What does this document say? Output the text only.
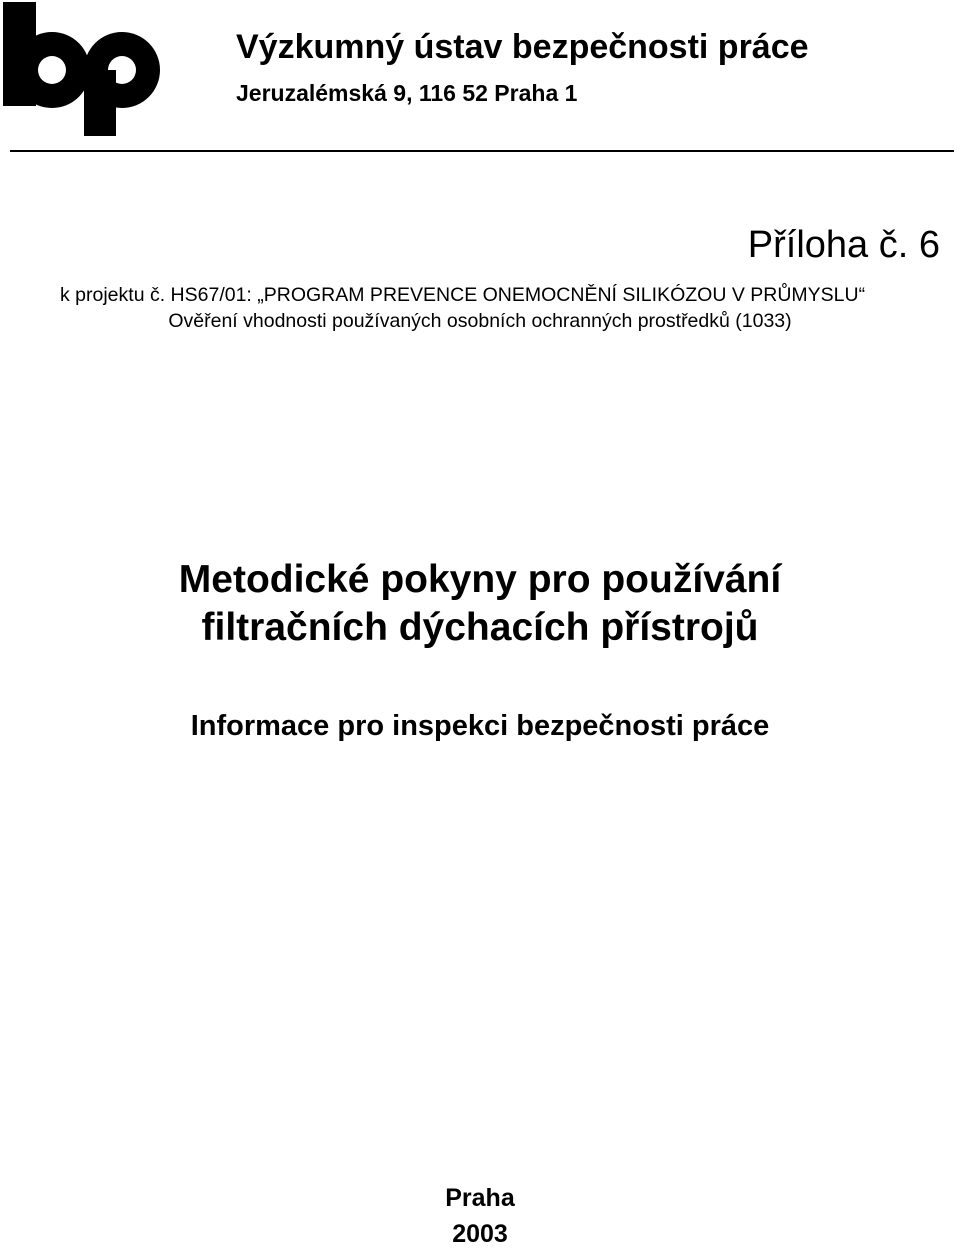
Výzkumný ústav bezpečnosti práce
Jeruzalémská 9, 116 52 Praha 1
Příloha č. 6
k projektu č. HS67/01: „PROGRAM PREVENCE ONEMOCNĚNÍ SILIKÓZOU V PRŮMYSLU“
Ověření vhodnosti používaných osobních ochranných prostředků (1033)
Metodické pokyny pro používání
filtračních dýchacích přístrojů
Informace pro inspekci bezpečnosti práce
Praha
2003
